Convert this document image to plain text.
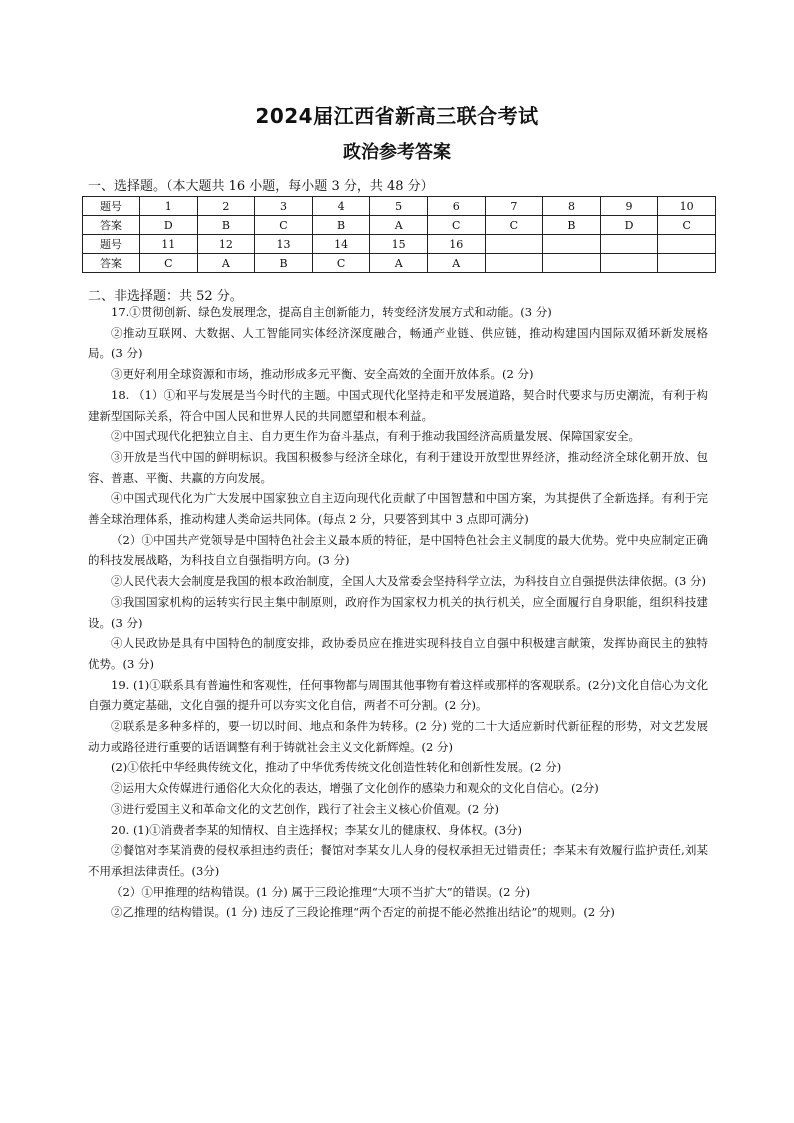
2024届江西省新高三联合考试
政治参考答案
一、选择题。（本大题共 16 小题，每小题 3 分，共 48 分）
题号	1	2	3	4	5	6	7	8	9	10
答案	D	B	C	B	A	C	C	B	D	C
题号	11	12	13	14	15	16				
答案	C	A	B	C	A	A				
二、非选择题：共 52 分。

17.①贯彻创新、绿色发展理念，提高自主创新能力，转变经济发展方式和动能。(3 分)

②推动互联网、大数据、人工智能同实体经济深度融合，畅通产业链、供应链，推动构建国内国际双循环新发展格局。(3 分)

③更好利用全球资源和市场，推动形成多元平衡、安全高效的全面开放体系。(2 分)

18. （1）①和平与发展是当今时代的主题。中国式现代化坚持走和平发展道路，契合时代要求与历史潮流，有利于构建新型国际关系，符合中国人民和世界人民的共同愿望和根本利益。

②中国式现代化把独立自主、自力更生作为奋斗基点，有利于推动我国经济高质量发展、保障国家安全。

③开放是当代中国的鲜明标识。我国积极参与经济全球化，有利于建设开放型世界经济，推动经济全球化朝开放、包容、普惠、平衡、共赢的方向发展。

④中国式现代化为广大发展中国家独立自主迈向现代化贡献了中国智慧和中国方案，为其提供了全新选择。有利于完善全球治理体系，推动构建人类命运共同体。(每点 2 分，只要答到其中 3 点即可满分)

（2）①中国共产党领导是中国特色社会主义最本质的特征，是中国特色社会主义制度的最大优势。党中央应制定正确的科技发展战略，为科技自立自强指明方向。(3 分)

②人民代表大会制度是我国的根本政治制度，全国人大及常委会坚持科学立法，为科技自立自强提供法律依据。(3 分)

③我国国家机构的运转实行民主集中制原则，政府作为国家权力机关的执行机关，应全面履行自身职能，组织科技建设。(3 分)

④人民政协是具有中国特色的制度安排，政协委员应在推进实现科技自立自强中积极建言献策，发挥协商民主的独特优势。(3 分)

19. (1)①联系具有普遍性和客观性，任何事物都与周围其他事物有着这样或那样的客观联系。(2分)文化自信心为文化自强力奠定基础，文化自强的提升可以夯实文化自信，两者不可分割。(2 分)。

②联系是多种多样的，要一切以时间、地点和条件为转移。(2 分) 党的二十大适应新时代新征程的形势，对文艺发展动力或路径进行重要的话语调整有利于铸就社会主义文化新辉煌。(2 分)

(2)①依托中华经典传统文化，推动了中华优秀传统文化创造性转化和创新性发展。(2 分)

②运用大众传媒进行通俗化大众化的表达，增强了文化创作的感染力和观众的文化自信心。(2分)

③进行爱国主义和革命文化的文艺创作，践行了社会主义核心价值观。(2 分)

20. (1)①消费者李某的知情权、自主选择权；李某女儿的健康权、身体权。(3分)

②餐馆对李某消费的侵权承担违约责任；餐馆对李某女儿人身的侵权承担无过错责任；李某未有效履行监护责任,刘某不用承担法律责任。(3分)

（2）①甲推理的结构错误。(1 分) 属于三段论推理“大项不当扩大”的错误。(2 分)

②乙推理的结构错误。(1 分) 违反了三段论推理“两个否定的前提不能必然推出结论”的规则。(2 分)
